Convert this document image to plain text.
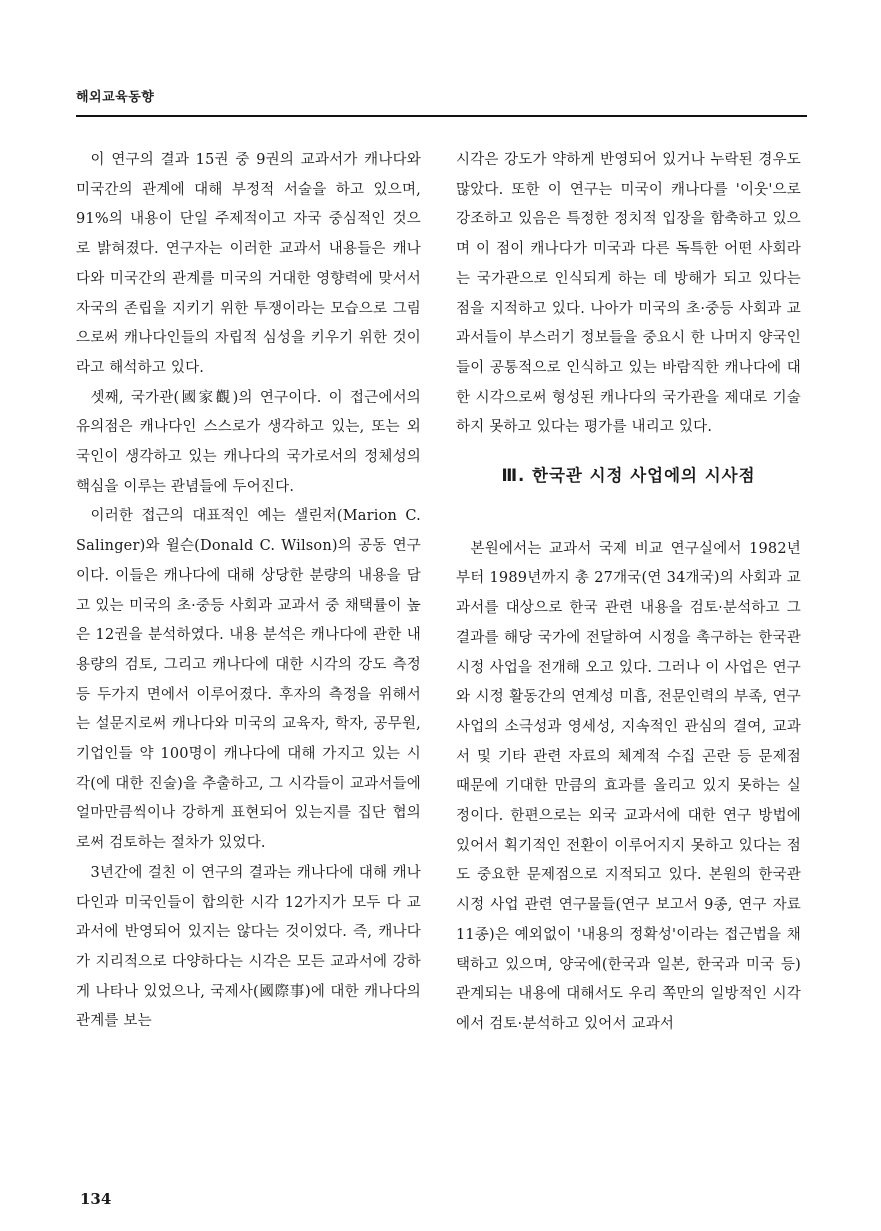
해외교육동향

이 연구의 결과 15권 중 9권의 교과서가 캐나다와 미국간의 관계에 대해 부정적 서술을 하고 있으며, 91%의 내용이 단일 주제적이고 자국 중심적인 것으로 밝혀졌다. 연구자는 이러한 교과서 내용들은 캐나다와 미국간의 관계를 미국의 거대한 영향력에 맞서서 자국의 존립을 지키기 위한 투쟁이라는 모습으로 그림으로써 캐나다인들의 자립적 심성을 키우기 위한 것이라고 해석하고 있다.

셋째, 국가관(國家觀)의 연구이다. 이 접근에서의 유의점은 캐나다인 스스로가 생각하고 있는, 또는 외국인이 생각하고 있는 캐나다의 국가로서의 정체성의 핵심을 이루는 관념들에 두어진다.

이러한 접근의 대표적인 예는 샐린저(Marion C. Salinger)와 윌슨(Donald C. Wilson)의 공동 연구이다. 이들은 캐나다에 대해 상당한 분량의 내용을 담고 있는 미국의 초·중등 사회과 교과서 중 채택률이 높은 12권을 분석하였다. 내용 분석은 캐나다에 관한 내용량의 검토, 그리고 캐나다에 대한 시각의 강도 측정 등 두가지 면에서 이루어졌다. 후자의 측정을 위해서는 설문지로써 캐나다와 미국의 교육자, 학자, 공무원, 기업인들 약 100명이 캐나다에 대해 가지고 있는 시각(에 대한 진술)을 추출하고, 그 시각들이 교과서들에 얼마만큼씩이나 강하게 표현되어 있는지를 집단 협의로써 검토하는 절차가 있었다.

3년간에 걸친 이 연구의 결과는 캐나다에 대해 캐나다인과 미국인들이 합의한 시각 12가지가 모두 다 교과서에 반영되어 있지는 않다는 것이었다. 즉, 캐나다가 지리적으로 다양하다는 시각은 모든 교과서에 강하게 나타나 있었으나, 국제사(國際事)에 대한 캐나다의 관계를 보는

시각은 강도가 약하게 반영되어 있거나 누락된 경우도 많았다. 또한 이 연구는 미국이 캐나다를 '이웃'으로 강조하고 있음은 특정한 정치적 입장을 함축하고 있으며 이 점이 캐나다가 미국과 다른 독특한 어떤 사회라는 국가관으로 인식되게 하는 데 방해가 되고 있다는 점을 지적하고 있다. 나아가 미국의 초·중등 사회과 교과서들이 부스러기 정보들을 중요시 한 나머지 양국인들이 공통적으로 인식하고 있는 바람직한 캐나다에 대한 시각으로써 형성된 캐나다의 국가관을 제대로 기술하지 못하고 있다는 평가를 내리고 있다.

Ⅲ. 한국관 시정 사업에의 시사점

본원에서는 교과서 국제 비교 연구실에서 1982년부터 1989년까지 총 27개국(연 34개국)의 사회과 교과서를 대상으로 한국 관련 내용을 검토·분석하고 그 결과를 해당 국가에 전달하여 시정을 촉구하는 한국관 시정 사업을 전개해 오고 있다. 그러나 이 사업은 연구와 시정 활동간의 연계성 미흡, 전문인력의 부족, 연구 사업의 소극성과 영세성, 지속적인 관심의 결여, 교과서 및 기타 관련 자료의 체계적 수집 곤란 등 문제점 때문에 기대한 만큼의 효과를 올리고 있지 못하는 실정이다. 한편으로는 외국 교과서에 대한 연구 방법에 있어서 획기적인 전환이 이루어지지 못하고 있다는 점도 중요한 문제점으로 지적되고 있다. 본원의 한국관 시정 사업 관련 연구물들(연구 보고서 9종, 연구 자료 11종)은 예외없이 '내용의 정확성'이라는 접근법을 채택하고 있으며, 양국에(한국과 일본, 한국과 미국 등)관계되는 내용에 대해서도 우리 쪽만의 일방적인 시각에서 검토·분석하고 있어서 교과서

134
